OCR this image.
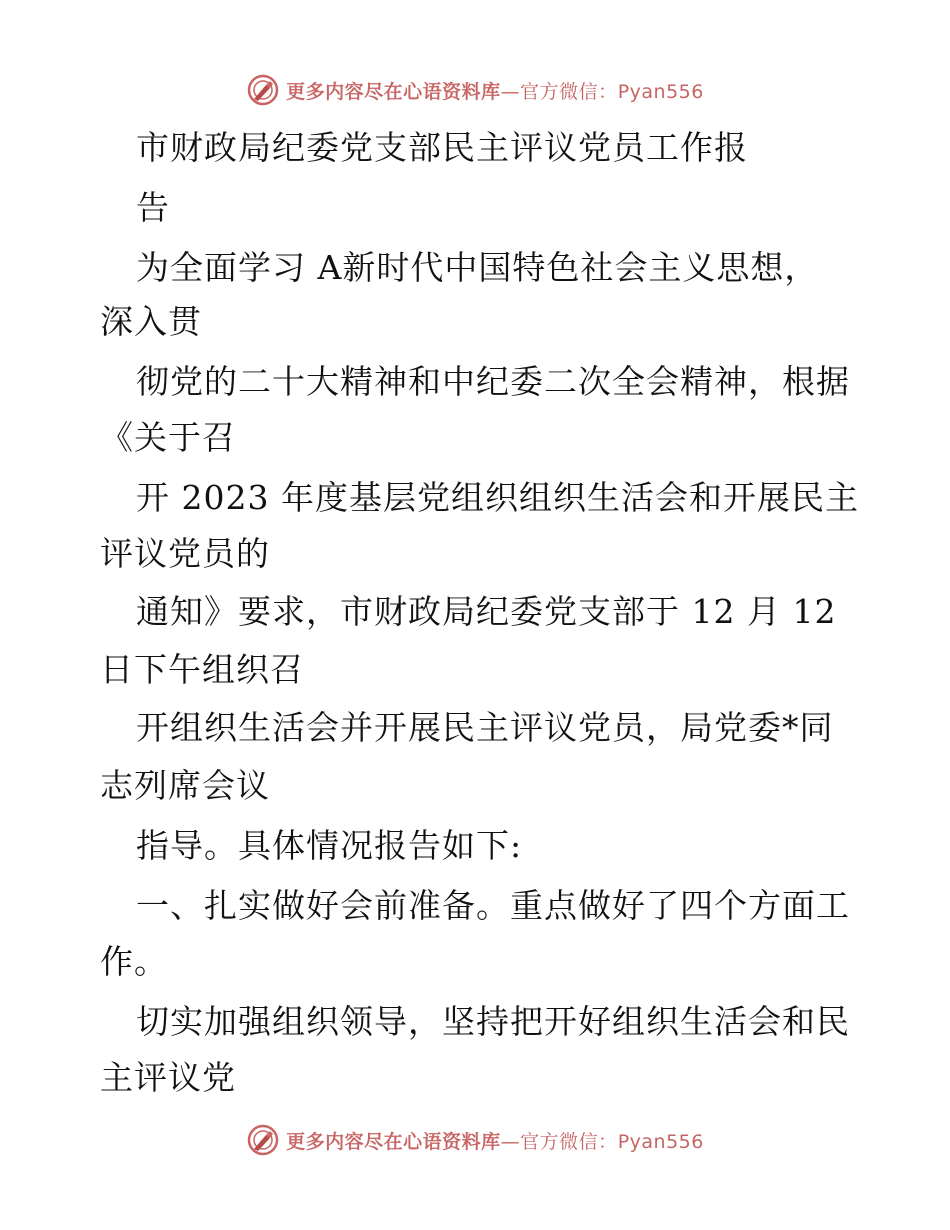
更多内容尽在心语资料库—官方微信：Pyan556
市财政局纪委党支部民主评议党员工作报
告
为全面学习 A新时代中国特色社会主义思想，
深入贯
彻党的二十大精神和中纪委二次全会精神，根据
《关于召
开 2023 年度基层党组织组织生活会和开展民主
评议党员的
通知》要求，市财政局纪委党支部于 12 月 12
日下午组织召
开组织生活会并开展民主评议党员，局党委*同
志列席会议
指导。具体情况报告如下:
一、扎实做好会前准备。重点做好了四个方面工
作。
切实加强组织领导，坚持把开好组织生活会和民
主评议党
更多内容尽在心语资料库—官方微信：Pyan556
